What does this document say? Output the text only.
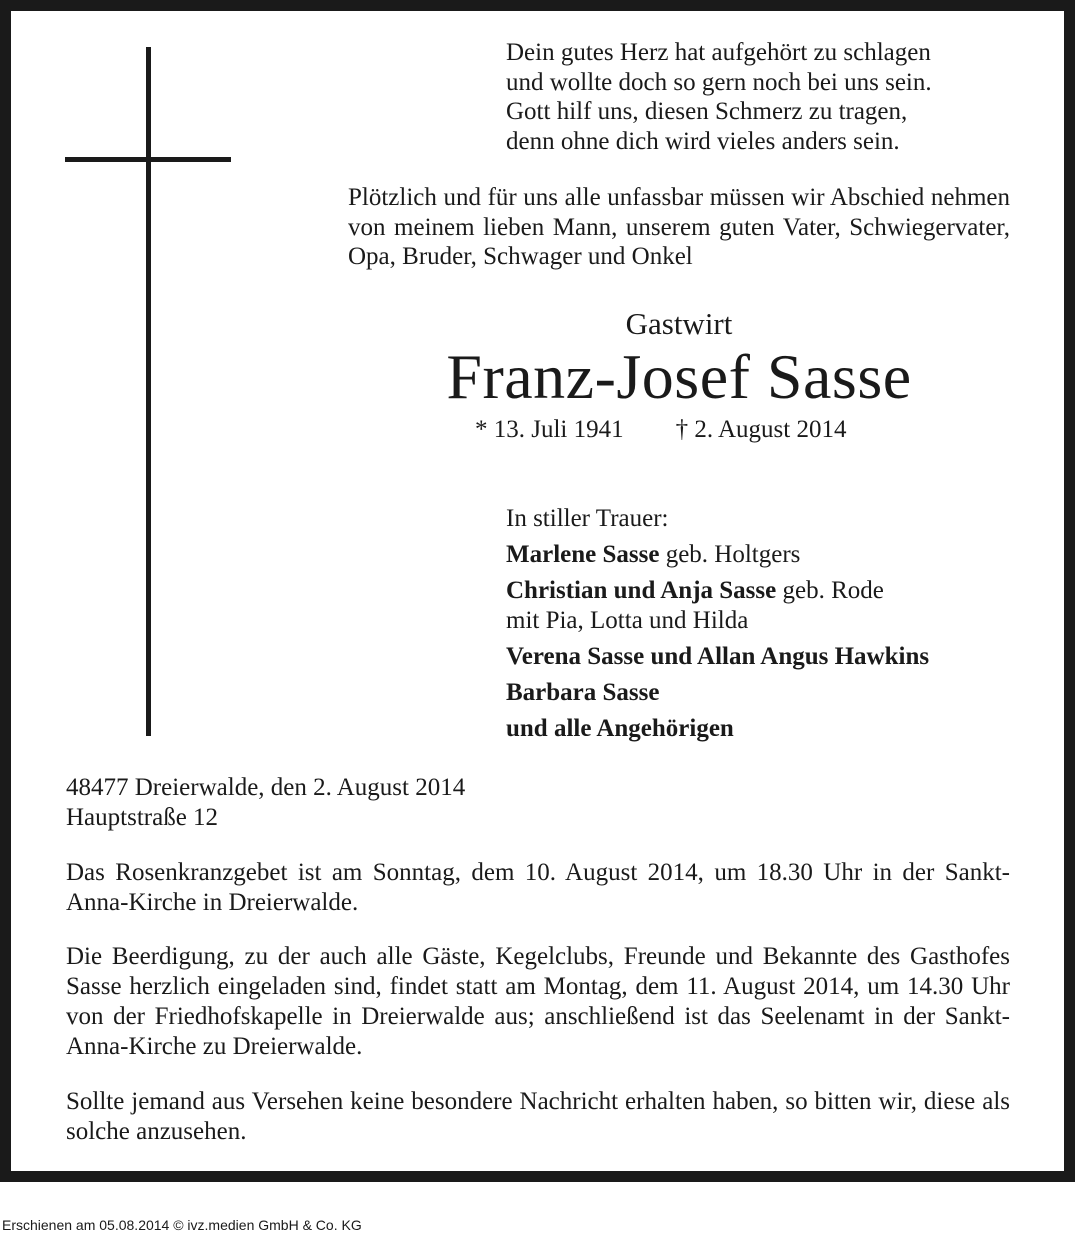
Dein gutes Herz hat aufgehört zu schlagen
und wollte doch so gern noch bei uns sein.
Gott hilf uns, diesen Schmerz zu tragen,
denn ohne dich wird vieles anders sein.
Plötzlich und für uns alle unfassbar müssen wir Abschied nehmen von meinem lieben Mann, unserem guten Vater, Schwiegervater, Opa, Bruder, Schwager und Onkel
Gastwirt
Franz-Josef Sasse
* 13. Juli 1941 † 2. August 2014
In stiller Trauer:
Marlene Sasse geb. Holtgers
Christian und Anja Sasse geb. Rode
mit Pia, Lotta und Hilda
Verena Sasse und Allan Angus Hawkins
Barbara Sasse
und alle Angehörigen
48477 Dreierwalde, den 2. August 2014
Hauptstraße 12
Das Rosenkranzgebet ist am Sonntag, dem 10. August 2014, um 18.30 Uhr in der Sankt-Anna-Kirche in Dreierwalde.
Die Beerdigung, zu der auch alle Gäste, Kegelclubs, Freunde und Bekannte des Gasthofes Sasse herzlich eingeladen sind, findet statt am Montag, dem 11. August 2014, um 14.30 Uhr von der Friedhofskapelle in Dreierwalde aus; anschließend ist das Seelenamt in der Sankt-Anna-Kirche zu Dreierwalde.
Sollte jemand aus Versehen keine besondere Nachricht erhalten haben, so bitten wir, diese als solche anzusehen.
Erschienen am 05.08.2014 © ivz.medien GmbH & Co. KG
